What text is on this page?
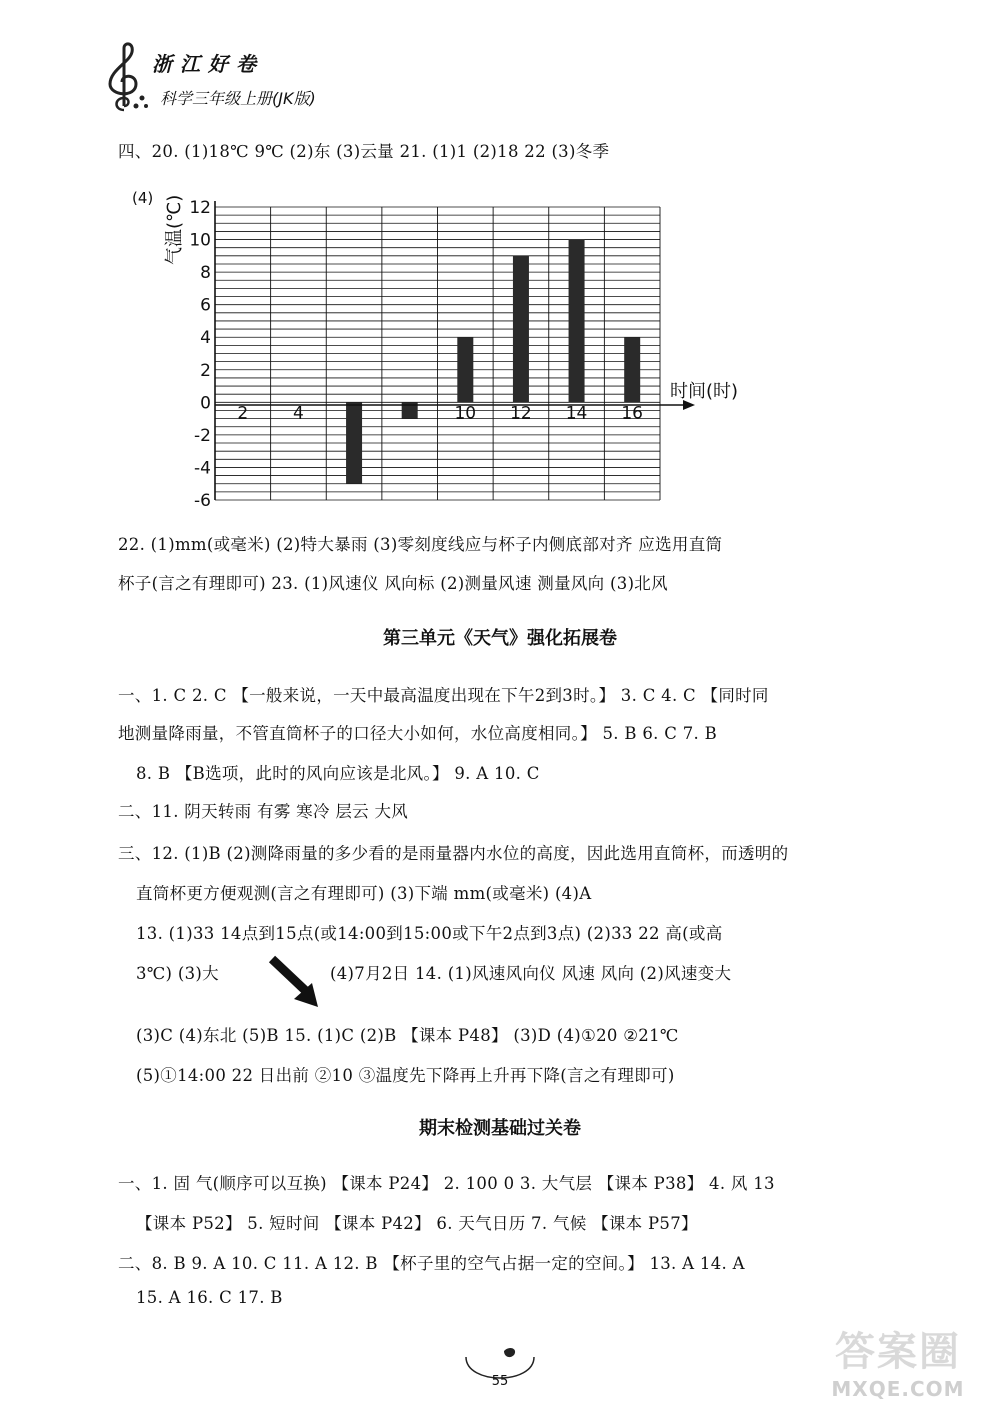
浙江好卷
科学三年级上册(JK版)
四、20. (1)18℃ 9℃ (2)东 (3)云量 21. (1)1 (2)18 22 (3)冬季
(4) 气温(℃) 12
10
8
6
4
2
0
-2
-4
-6
2	4	10 12 14 16
时间(时)
22. (1)mm(或毫米) (2)特大暴雨 (3)零刻度线应与杯子内侧底部对齐 应选用直筒
杯子(言之有理即可) 23. (1)风速仪 风向标 (2)测量风速 测量风向 (3)北风
第三单元《天气》强化拓展卷
一、1. C 2. C 【一般来说，一天中最高温度出现在下午2到3时。】 3. C 4. C 【同时同
地测量降雨量，不管直筒杯子的口径大小如何，水位高度相同。】 5. B 6. C 7. B
8. B 【B选项，此时的风向应该是北风。】 9. A 10. C
二、11. 阴天转雨 有雾 寒冷 层云 大风
三、12. (1)B (2)测降雨量的多少看的是雨量器内水位的高度，因此选用直筒杯，而透明的
直筒杯更方便观测(言之有理即可) (3)下端 mm(或毫米) (4)A
13. (1)33 14点到15点(或14:00到15:00或下午2点到3点) (2)33 22 高(或高
3℃) (3)大	(4)7月2日 14. (1)风速风向仪 风速 风向 (2)风速变大
(3)C (4)东北 (5)B 15. (1)C (2)B 【课本 P48】 (3)D (4)①20 ②21℃
(5)①14:00 22 日出前 ②10 ③温度先下降再上升再下降(言之有理即可)
期末检测基础过关卷
一、1. 固 气(顺序可以互换) 【课本 P24】 2. 100 0 3. 大气层 【课本 P38】 4. 风 13
【课本 P52】 5. 短时间 【课本 P42】 6. 天气日历 7. 气候 【课本 P57】
二、8. B 9. A 10. C 11. A 12. B 【杯子里的空气占据一定的空间。】 13. A 14. A
15. A 16. C 17. B
55
答案圈
MXQE.COM
